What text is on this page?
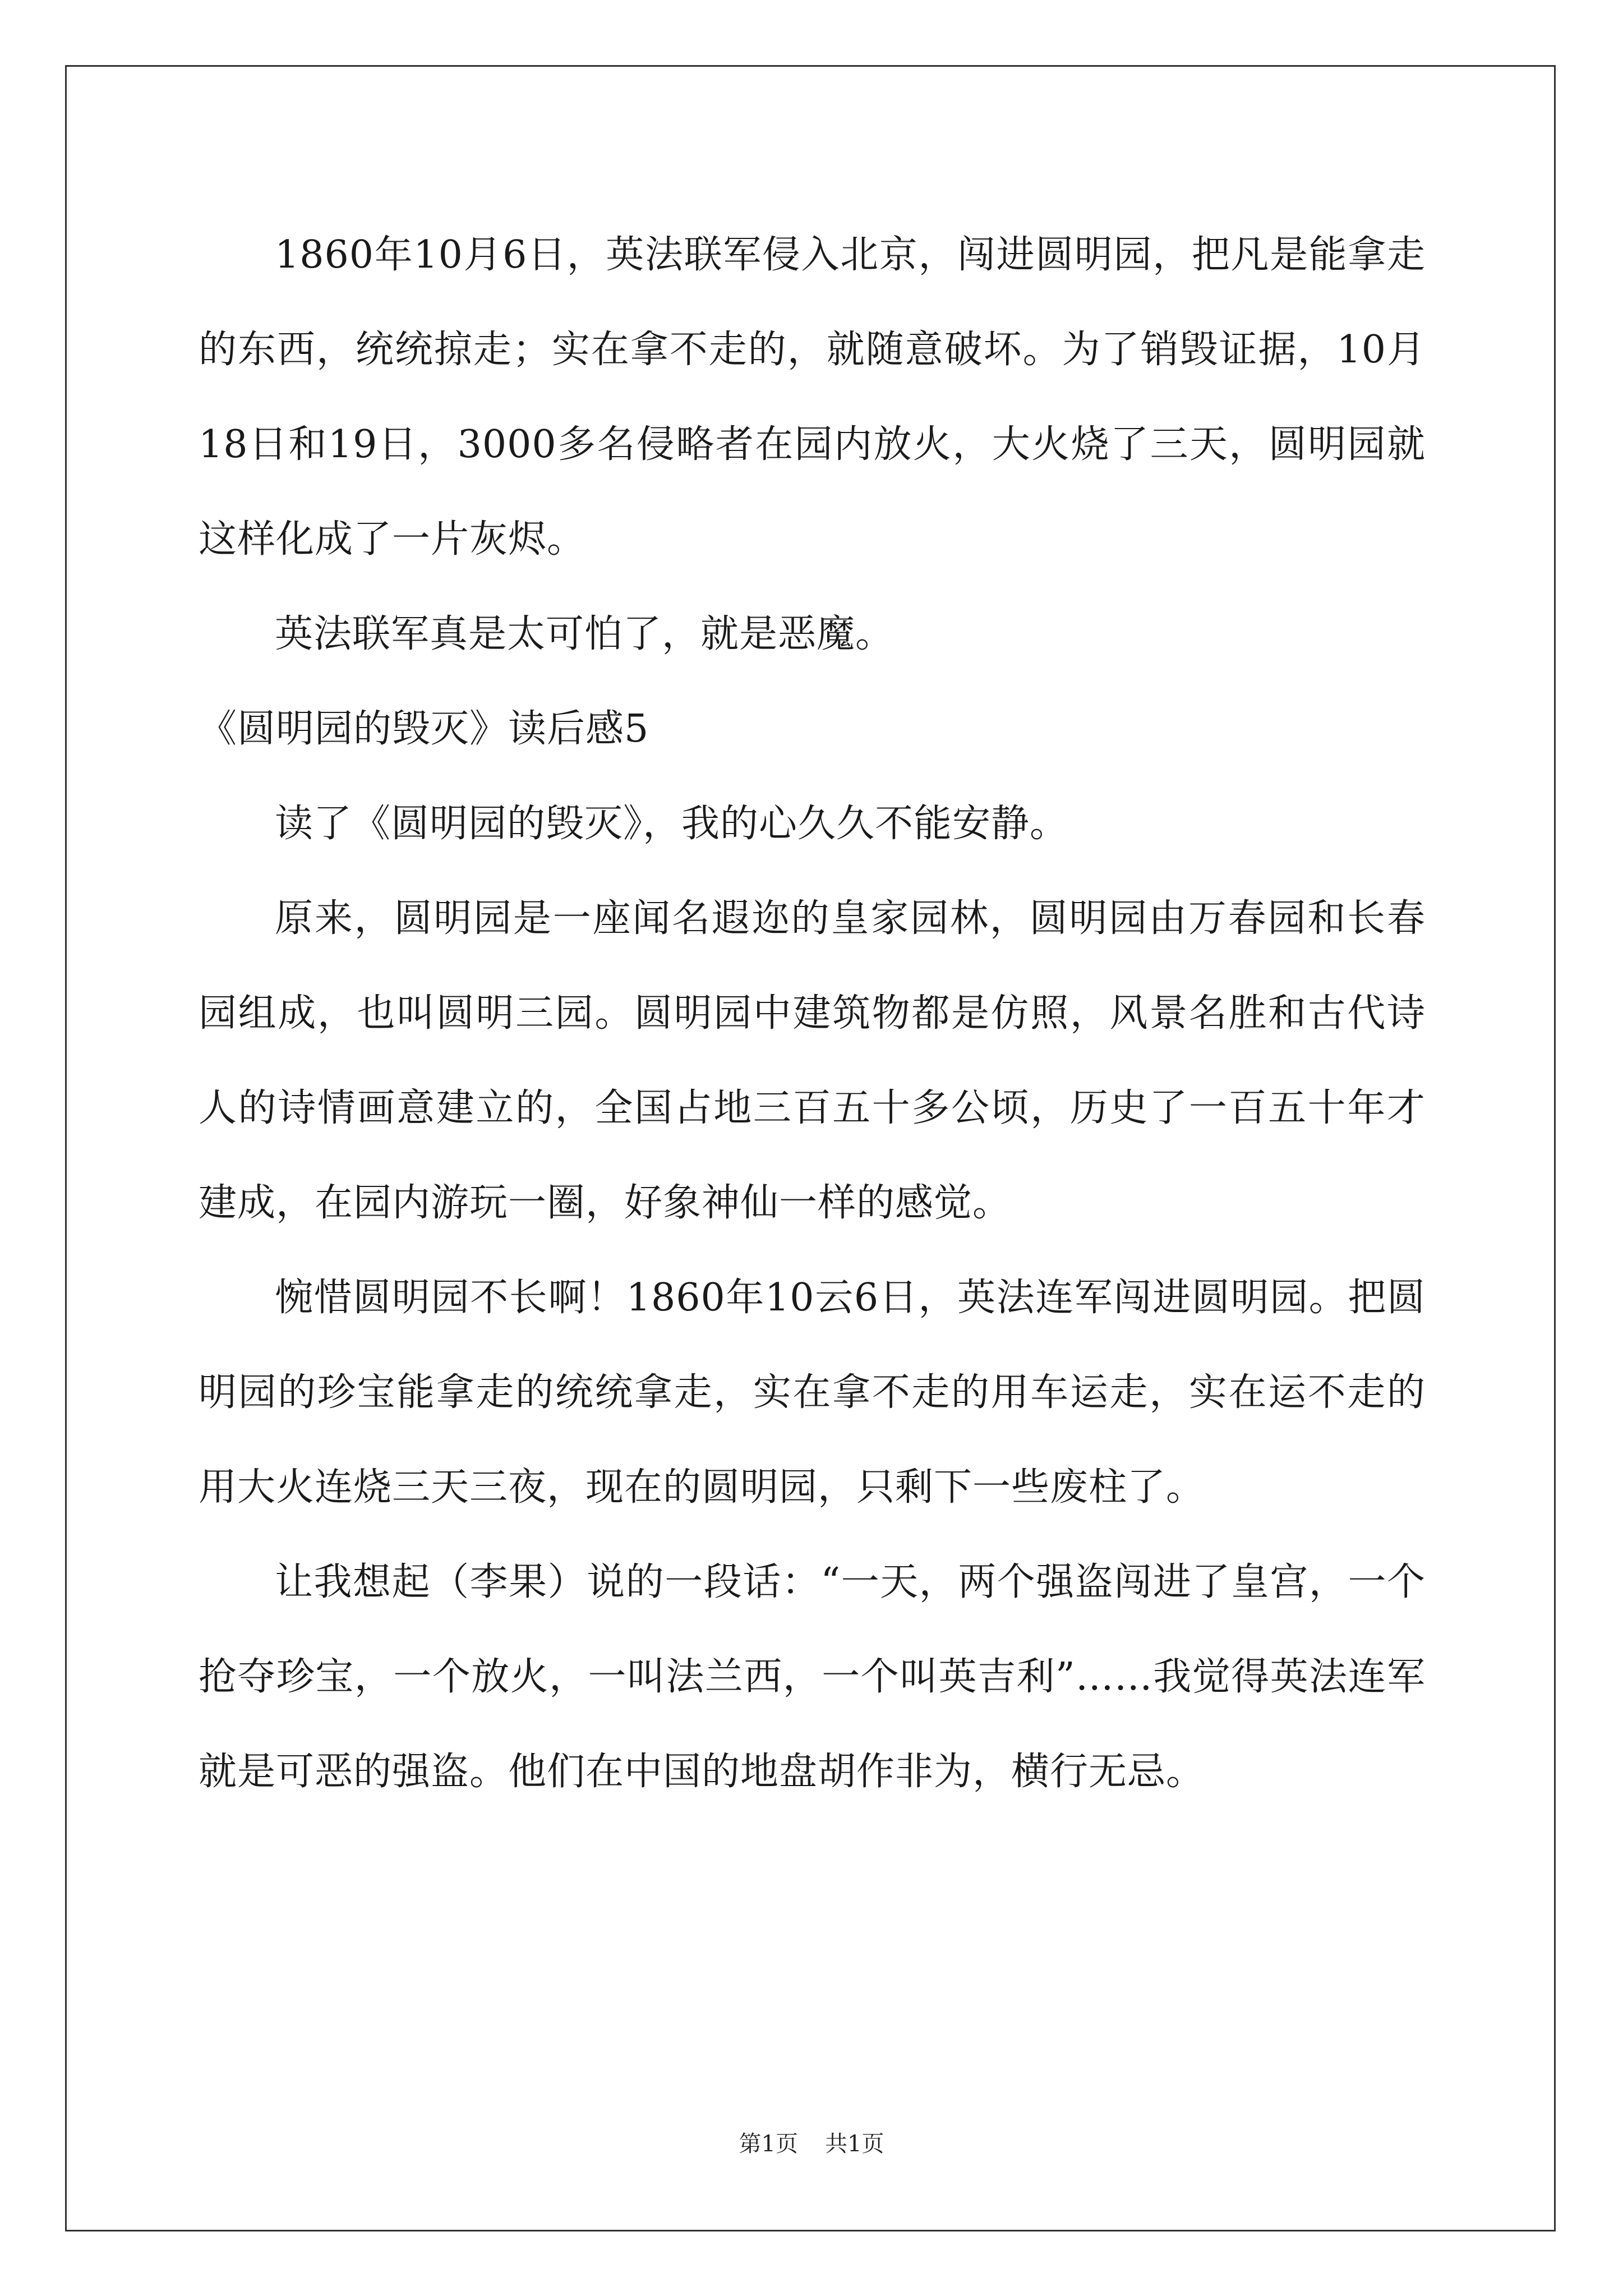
1860年10月6日，英法联军侵入北京，闯进圆明园，把凡是能拿走的东西，统统掠走；实在拿不走的，就随意破坏。为了销毁证据，10月18日和19日，3000多名侵略者在园内放火，大火烧了三天，圆明园就这样化成了一片灰烬。

英法联军真是太可怕了，就是恶魔。

《圆明园的毁灭》读后感5

读了《圆明园的毁灭》，我的心久久不能安静。

原来，圆明园是一座闻名遐迩的皇家园林，圆明园由万春园和长春园组成，也叫圆明三园。圆明园中建筑物都是仿照，风景名胜和古代诗人的诗情画意建立的，全国占地三百五十多公顷，历史了一百五十年才建成，在园内游玩一圈，好象神仙一样的感觉。

惋惜圆明园不长啊！1860年10云6日，英法连军闯进圆明园。把圆明园的珍宝能拿走的统统拿走，实在拿不走的用车运走，实在运不走的用大火连烧三天三夜，现在的圆明园，只剩下一些废柱了。

让我想起（李果）说的一段话：“一天，两个强盗闯进了皇宫，一个抢夺珍宝，一个放火，一叫法兰西，一个叫英吉利”……我觉得英法连军就是可恶的强盗。他们在中国的地盘胡作非为，横行无忌。

第1页 共1页
